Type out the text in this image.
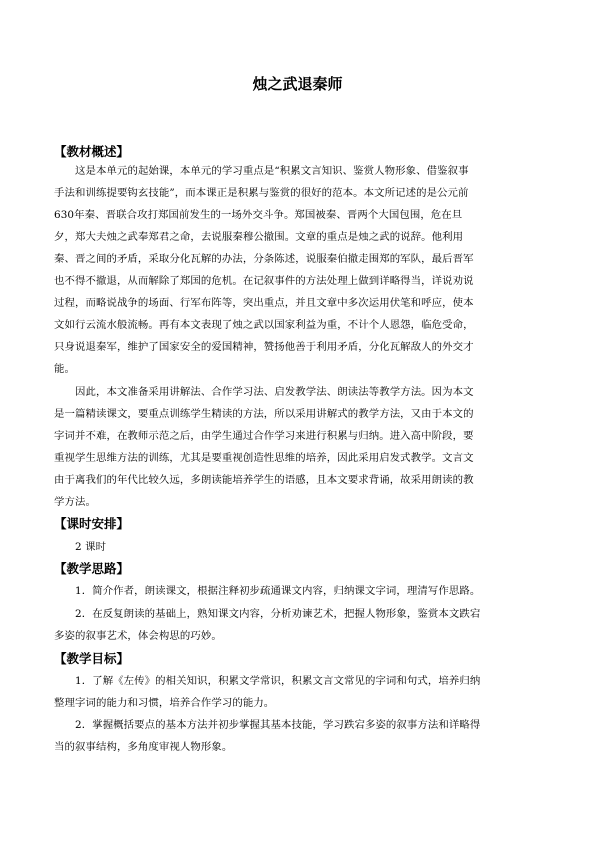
烛之武退秦师
【教材概述】
这是本单元的起始课，本单元的学习重点是“积累文言知识、鉴赏人物形象、借鉴叙事
手法和训练提要钩玄技能”，而本课正是积累与鉴赏的很好的范本。本文所记述的是公元前
630年秦、晋联合攻打郑国前发生的一场外交斗争。郑国被秦、晋两个大国包围，危在旦
夕，郑大夫烛之武奉郑君之命，去说服秦穆公撤围。文章的重点是烛之武的说辞。他利用
秦、晋之间的矛盾，采取分化瓦解的办法，分条陈述，说服秦伯撤走围郑的军队，最后晋军
也不得不撤退，从而解除了郑国的危机。在记叙事件的方法处理上做到详略得当，详说劝说
过程，而略说战争的场面、行军布阵等，突出重点，并且文章中多次运用伏笔和呼应，使本
文如行云流水般流畅。再有本文表现了烛之武以国家利益为重，不计个人恩怨，临危受命，
只身说退秦军，维护了国家安全的爱国精神，赞扬他善于利用矛盾，分化瓦解敌人的外交才
能。
因此，本文准备采用讲解法、合作学习法、启发教学法、朗读法等教学方法。因为本文
是一篇精读课文，要重点训练学生精读的方法，所以采用讲解式的教学方法，又由于本文的
字词并不难，在教师示范之后，由学生通过合作学习来进行积累与归纳。进入高中阶段，要
重视学生思维方法的训练，尤其是要重视创造性思维的培养，因此采用启发式教学。文言文
由于离我们的年代比较久远，多朗读能培养学生的语感，且本文要求背诵，故采用朗读的教
学方法。
【课时安排】
2 课时
【教学思路】
1．简介作者，朗读课文，根据注释初步疏通课文内容，归纳课文字词，理清写作思路。
2．在反复朗读的基础上，熟知课文内容，分析劝谏艺术，把握人物形象，鉴赏本文跌宕
多姿的叙事艺术，体会构思的巧妙。
【教学目标】
1．了解《左传》的相关知识，积累文学常识，积累文言文常见的字词和句式，培养归纳
整理字词的能力和习惯，培养合作学习的能力。
2．掌握概括要点的基本方法并初步掌握其基本技能，学习跌宕多姿的叙事方法和详略得
当的叙事结构，多角度审视人物形象。
